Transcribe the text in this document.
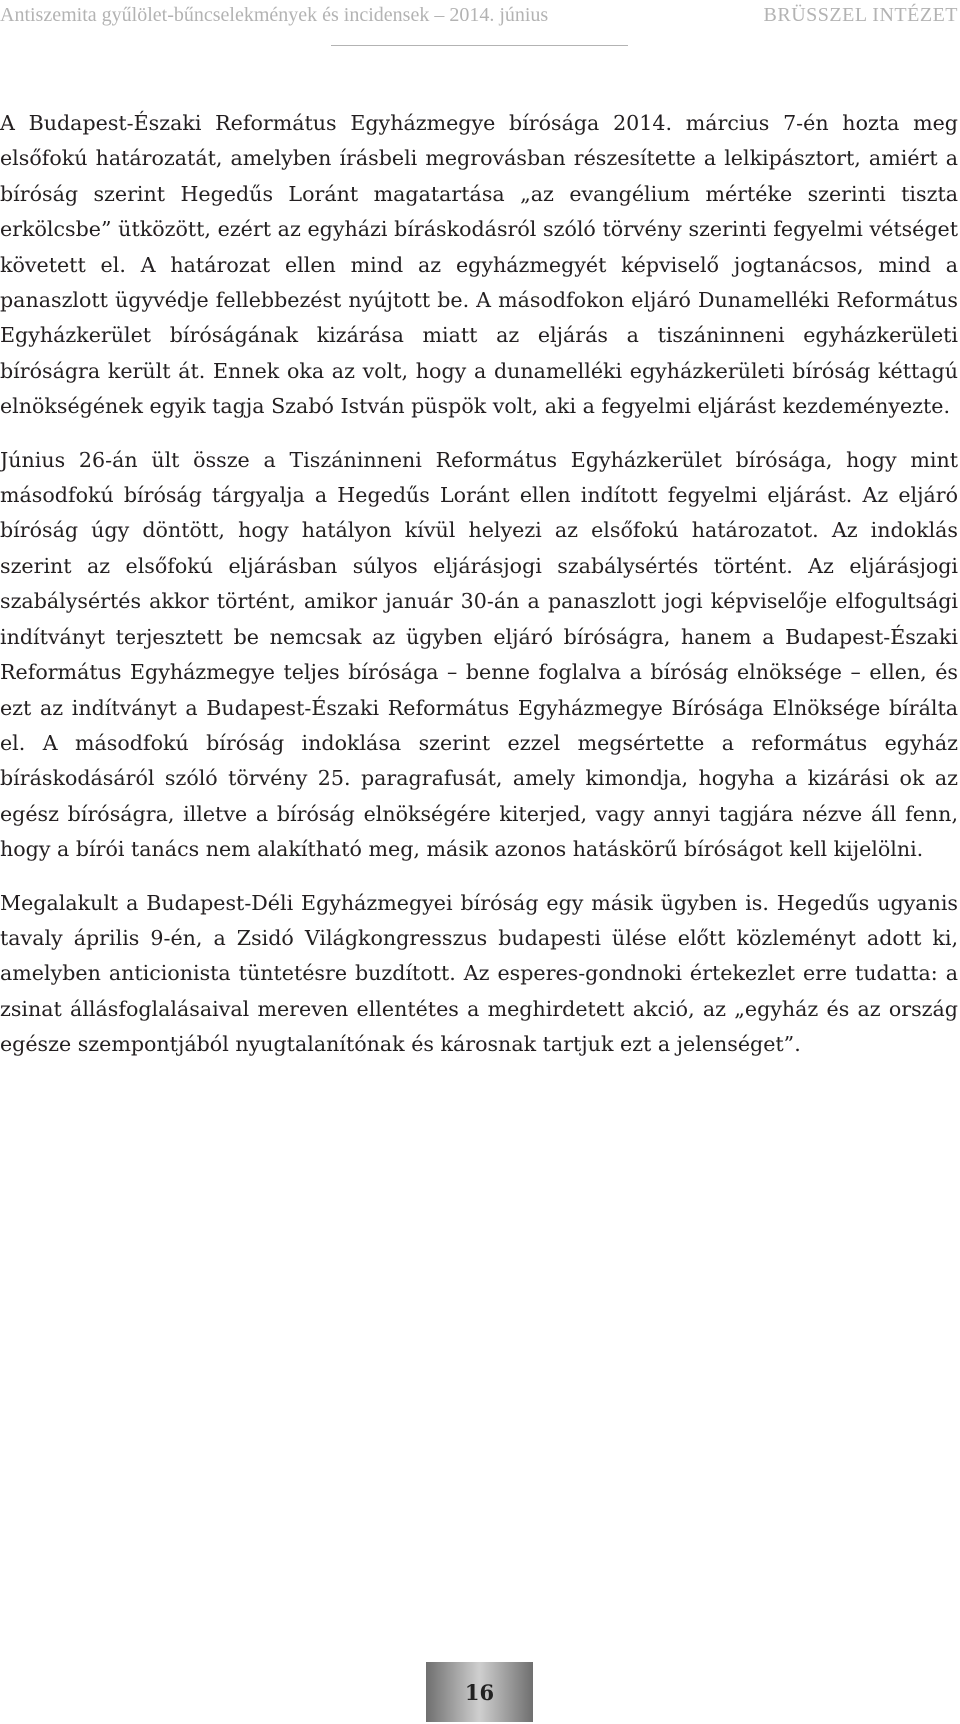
Antiszemita gyűlölet-bűncselekmények és incidensek – 2014. június	BRÜSSZEL INTÉZET

A Budapest-Északi Református Egyházmegye bírósága 2014. március 7-én hozta meg elsőfokú határozatát, amelyben írásbeli megrovásban részesítette a lelkipásztort, amiért a bíróság szerint Hegedűs Loránt magatartása „az evangélium mértéke szerinti tiszta erkölcsbe” ütközött, ezért az egyházi bíráskodásról szóló törvény szerinti fegyelmi vétséget követett el. A határozat ellen mind az egyházmegyét képviselő jogtanácsos, mind a panaszlott ügyvédje fellebbezést nyújtott be. A másodfokon eljáró Dunamelléki Református Egyházkerület bíróságának kizárása miatt az eljárás a tiszáninneni egyházkerületi bíróságra került át. Ennek oka az volt, hogy a dunamelléki egyházkerületi bíróság kéttagú elnökségének egyik tagja Szabó István püspök volt, aki a fegyelmi eljárást kezdeményezte.

Június 26-án ült össze a Tiszáninneni Református Egyházkerület bírósága, hogy mint másodfokú bíróság tárgyalja a Hegedűs Loránt ellen indított fegyelmi eljárást. Az eljáró bíróság úgy döntött, hogy hatályon kívül helyezi az elsőfokú határozatot. Az indoklás szerint az elsőfokú eljárásban súlyos eljárásjogi szabálysértés történt. Az eljárásjogi szabálysértés akkor történt, amikor január 30-án a panaszlott jogi képviselője elfogultsági indítványt terjesztett be nemcsak az ügyben eljáró bíróságra, hanem a Budapest-Északi Református Egyházmegye teljes bírósága – benne foglalva a bíróság elnöksége – ellen, és ezt az indítványt a Budapest-Északi Református Egyházmegye Bírósága Elnöksége bírálta el. A másodfokú bíróság indoklása szerint ezzel megsértette a református egyház bíráskodásáról szóló törvény 25. paragrafusát, amely kimondja, hogyha a kizárási ok az egész bíróságra, illetve a bíróság elnökségére kiterjed, vagy annyi tagjára nézve áll fenn, hogy a bírói tanács nem alakítható meg, másik azonos hatáskörű bíróságot kell kijelölni.

Megalakult a Budapest-Déli Egyházmegyei bíróság egy másik ügyben is. Hegedűs ugyanis tavaly április 9-én, a Zsidó Világkongresszus budapesti ülése előtt közleményt adott ki, amelyben anticionista tüntetésre buzdított. Az esperes-gondnoki értekezlet erre tudatta: a zsinat állásfoglalásaival mereven ellentétes a meghirdetett akció, az „egyház és az ország egésze szempontjából nyugtalanítónak és károsnak tartjuk ezt a jelenséget”.

16
